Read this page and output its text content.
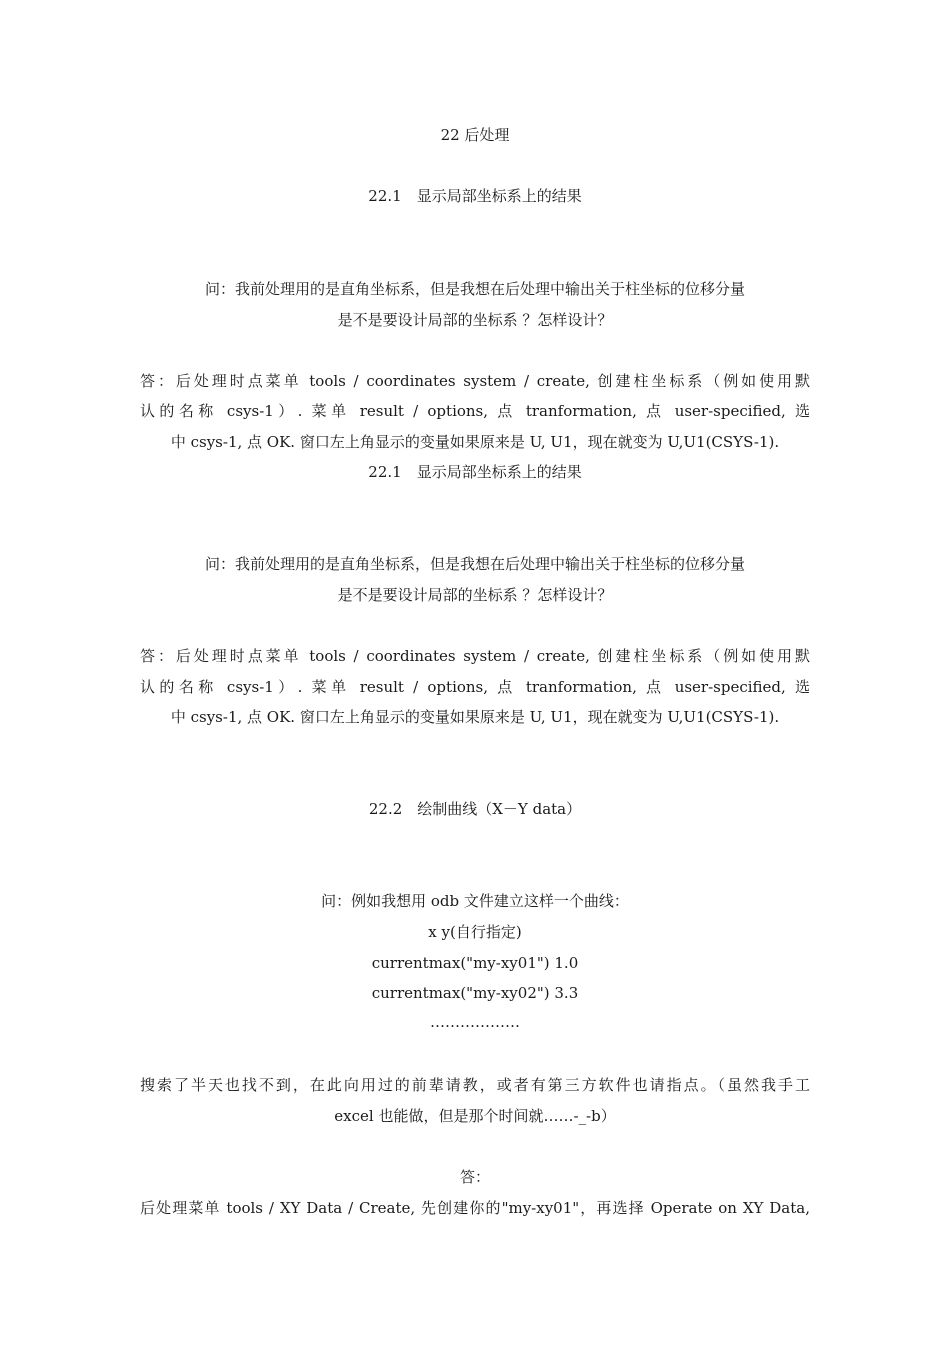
22 后处理
22.1　显示局部坐标系上的结果
问：我前处理用的是直角坐标系，但是我想在后处理中输出关于柱坐标的位移分量
是不是要设计局部的坐标系 ？怎样设计？
答：后处理时点菜单 tools / coordinates system / create, 创建柱坐标系（例如使用默
认的名称 csys-1）. 菜单 result / options, 点 tranformation, 点 user-specified, 选
中 csys-1, 点 OK. 窗口左上角显示的变量如果原来是 U, U1，现在就变为 U,U1(CSYS-1).
22.1　显示局部坐标系上的结果
问：我前处理用的是直角坐标系，但是我想在后处理中输出关于柱坐标的位移分量
是不是要设计局部的坐标系 ？怎样设计？
答：后处理时点菜单 tools / coordinates system / create, 创建柱坐标系（例如使用默
认的名称 csys-1）. 菜单 result / options, 点 tranformation, 点 user-specified, 选
中 csys-1, 点 OK. 窗口左上角显示的变量如果原来是 U, U1，现在就变为 U,U1(CSYS-1).
22.2　绘制曲线（X－Y data）
问：例如我想用 odb 文件建立这样一个曲线：
x y(自行指定)
currentmax("my-xy01") 1.0
currentmax("my-xy02") 3.3
………………
搜索了半天也找不到，在此向用过的前辈请教，或者有第三方软件也请指点。（虽然我手工
excel 也能做，但是那个时间就……-_-b）
答：
后处理菜单 tools / XY Data / Create, 先创建你的"my-xy01"，再选择 Operate on XY Data,
